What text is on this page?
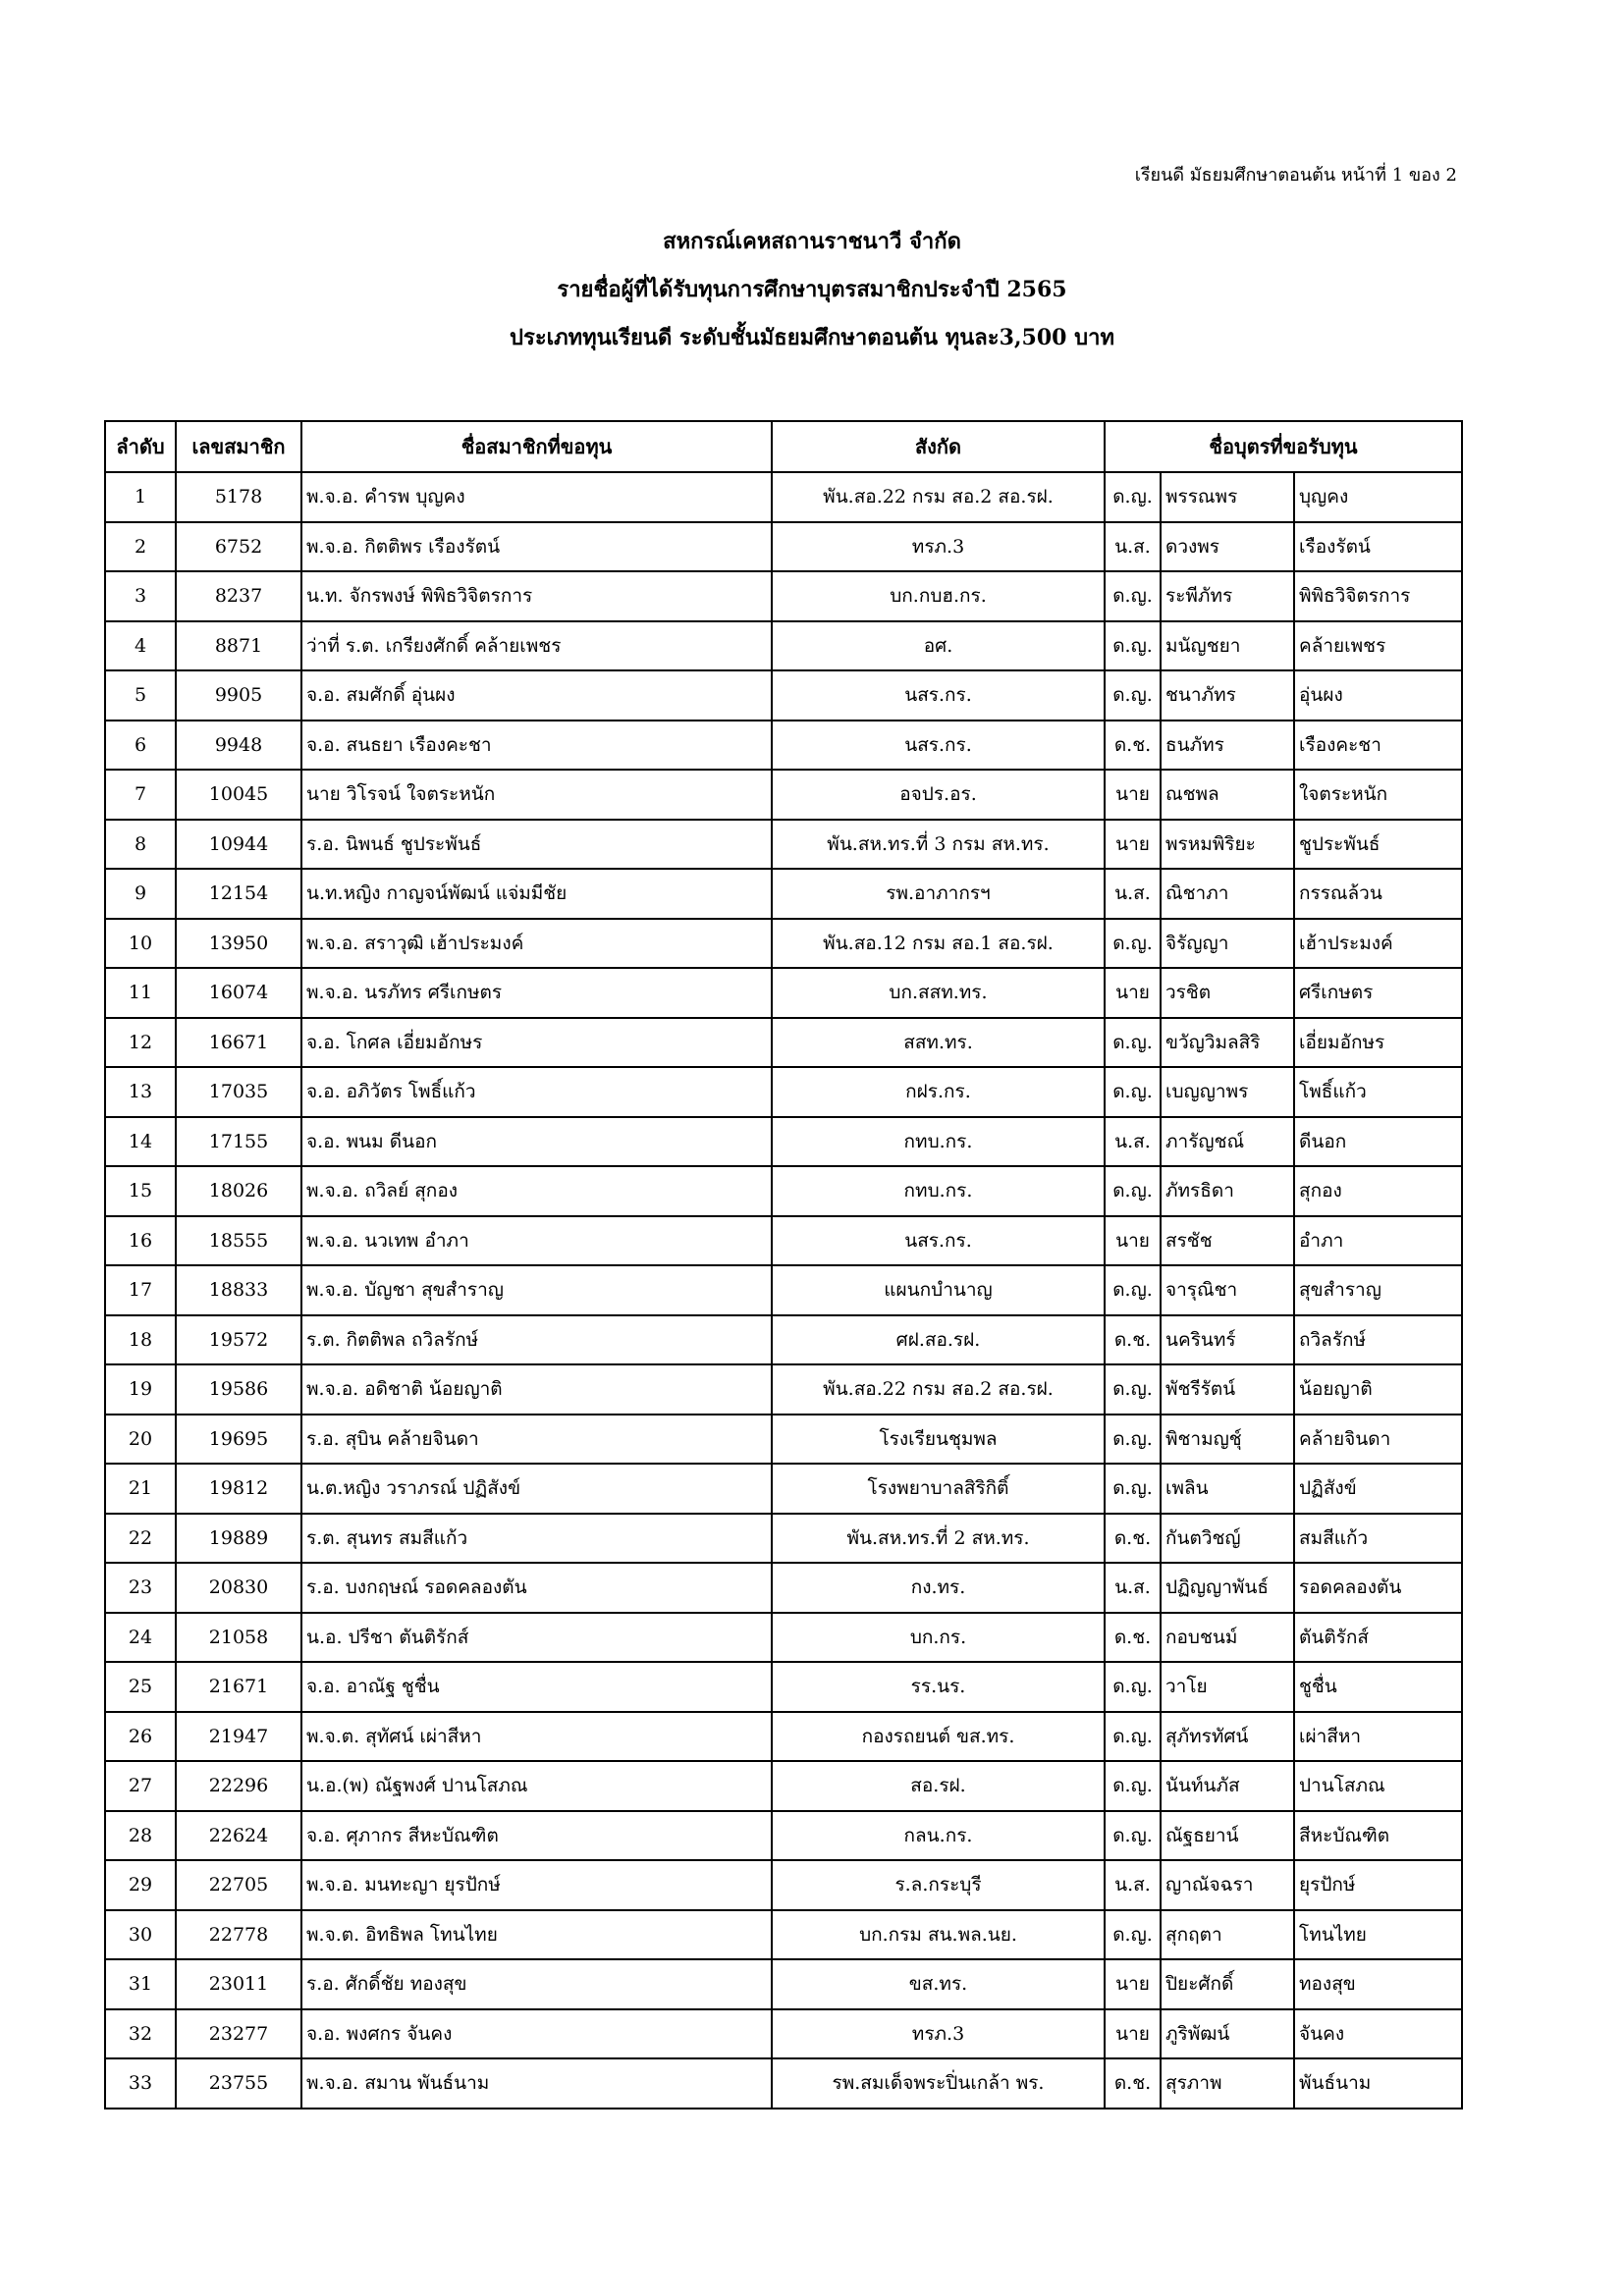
เรียนดี มัธยมศึกษาตอนต้น หน้าที่ 1 ของ 2
สหกรณ์เคหสถานราชนาวี จำกัด
รายชื่อผู้ที่ได้รับทุนการศึกษาบุตรสมาชิกประจำปี 2565
ประเภททุนเรียนดี ระดับชั้นมัธยมศึกษาตอนต้น ทุนละ3,500 บาท
ลำดับ	เลขสมาชิก	ชื่อสมาชิกที่ขอทุน	สังกัด	ชื่อบุตรที่ขอรับทุน		
1	5178	พ.จ.อ. คำรพ บุญคง	พัน.สอ.22 กรม สอ.2 สอ.รฝ.	ด.ญ.	พรรณพร	บุญคง
2	6752	พ.จ.อ. กิตติพร เรืองรัตน์	ทรภ.3	น.ส.	ดวงพร	เรืองรัตน์
3	8237	น.ท. จักรพงษ์ พิพิธวิจิตรการ	บก.กบฮ.กร.	ด.ญ.	ระพีภัทร	พิพิธวิจิตรการ
4	8871	ว่าที่ ร.ต. เกรียงศักดิ์ คล้ายเพชร	อศ.	ด.ญ.	มนัญชยา	คล้ายเพชร
5	9905	จ.อ. สมศักดิ์ อุ่นผง	นสร.กร.	ด.ญ.	ชนาภัทร	อุ่นผง
6	9948	จ.อ. สนธยา เรืองคะชา	นสร.กร.	ด.ช.	ธนภัทร	เรืองคะชา
7	10045	นาย วิโรจน์ ใจตระหนัก	อจปร.อร.	นาย	ณชพล	ใจตระหนัก
8	10944	ร.อ. นิพนธ์ ชูประพันธ์	พัน.สห.ทร.ที่ 3 กรม สห.ทร.	นาย	พรหมพิริยะ	ชูประพันธ์
9	12154	น.ท.หญิง กาญจน์พัฒน์ แจ่มมีชัย	รพ.อาภากรฯ	น.ส.	ณิชาภา	กรรณล้วน
10	13950	พ.จ.อ. สราวุฒิ เฮ้าประมงค์	พัน.สอ.12 กรม สอ.1 สอ.รฝ.	ด.ญ.	จิรัญญา	เฮ้าประมงค์
11	16074	พ.จ.อ. นรภัทร ศรีเกษตร	บก.สสท.ทร.	นาย	วรชิต	ศรีเกษตร
12	16671	จ.อ. โกศล เอี่ยมอักษร	สสท.ทร.	ด.ญ.	ขวัญวิมลสิริ	เอี่ยมอักษร
13	17035	จ.อ. อภิวัตร โพธิ์แก้ว	กฝร.กร.	ด.ญ.	เบญญาพร	โพธิ์แก้ว
14	17155	จ.อ. พนม ดีนอก	กทบ.กร.	น.ส.	ภารัญชณ์	ดีนอก
15	18026	พ.จ.อ. ถวิลย์ สุกอง	กทบ.กร.	ด.ญ.	ภัทรธิดา	สุกอง
16	18555	พ.จ.อ. นวเทพ อำภา	นสร.กร.	นาย	สรชัช	อำภา
17	18833	พ.จ.อ. บัญชา สุขสำราญ	แผนกบำนาญ	ด.ญ.	จารุณิชา	สุขสำราญ
18	19572	ร.ต. กิตติพล ถวิลรักษ์	ศฝ.สอ.รฝ.	ด.ช.	นครินทร์	ถวิลรักษ์
19	19586	พ.จ.อ. อดิชาติ น้อยญาติ	พัน.สอ.22 กรม สอ.2 สอ.รฝ.	ด.ญ.	พัชรีรัตน์	น้อยญาติ
20	19695	ร.อ. สุบิน คล้ายจินดา	โรงเรียนชุมพล	ด.ญ.	พิชามญชุ์	คล้ายจินดา
21	19812	น.ต.หญิง วราภรณ์ ปฏิสังข์	โรงพยาบาลสิริกิติ์	ด.ญ.	เพลิน	ปฏิสังข์
22	19889	ร.ต. สุนทร สมสีแก้ว	พัน.สห.ทร.ที่ 2 สห.ทร.	ด.ช.	กันตวิชญ์	สมสีแก้ว
23	20830	ร.อ. บงกฤษณ์ รอดคลองตัน	กง.ทร.	น.ส.	ปฏิญญาพันธ์	รอดคลองตัน
24	21058	น.อ. ปรีชา ตันติรักส์	บก.กร.	ด.ช.	กอบชนม์	ตันติรักส์
25	21671	จ.อ. อาณัฐ ชูชื่น	รร.นร.	ด.ญ.	วาโย	ชูชื่น
26	21947	พ.จ.ต. สุทัศน์ เผ่าสีหา	กองรถยนต์ ขส.ทร.	ด.ญ.	สุภัทรทัศน์	เผ่าสีหา
27	22296	น.อ.(พ) ณัฐพงศ์ ปานโสภณ	สอ.รฝ.	ด.ญ.	นันท์นภัส	ปานโสภณ
28	22624	จ.อ. ศุภากร สีหะบัณฑิต	กลน.กร.	ด.ญ.	ณัฐธยาน์	สีหะบัณฑิต
29	22705	พ.จ.อ. มนทะญา ยุรปักษ์	ร.ล.กระบุรี	น.ส.	ญาณัจฉรา	ยุรปักษ์
30	22778	พ.จ.ต. อิทธิพล โทนไทย	บก.กรม สน.พล.นย.	ด.ญ.	สุกฤตา	โทนไทย
31	23011	ร.อ. ศักดิ์ชัย ทองสุข	ขส.ทร.	นาย	ปิยะศักดิ์	ทองสุข
32	23277	จ.อ. พงศกร จันคง	ทรภ.3	นาย	ภูริพัฒน์	จันคง
33	23755	พ.จ.อ. สมาน พันธ์นาม	รพ.สมเด็จพระปิ่นเกล้า พร.	ด.ช.	สุรภาพ	พันธ์นาม
